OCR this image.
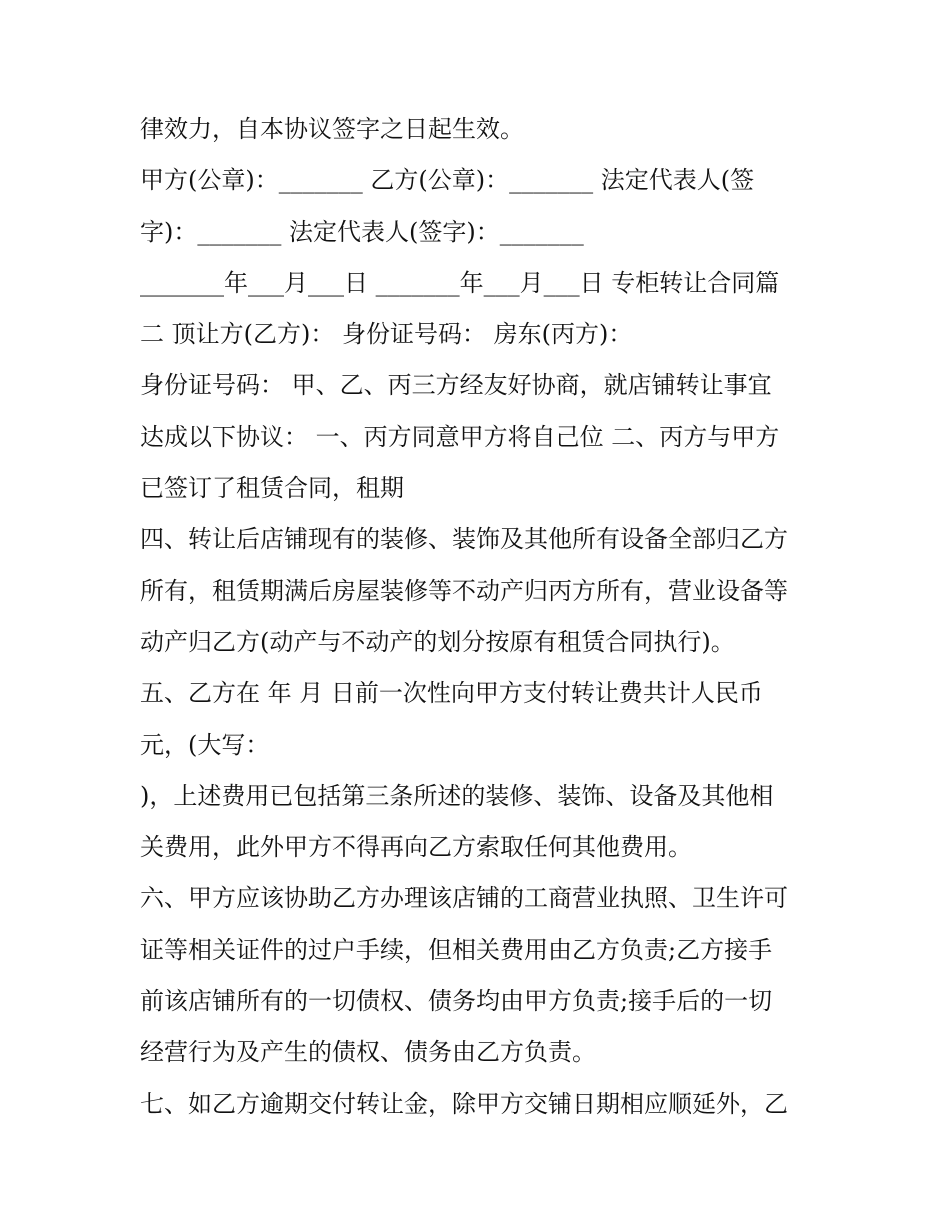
律效力，自本协议签字之日起生效。
甲方(公章)：_______ 乙方(公章)：_______ 法定代表人(签
字)：_______ 法定代表人(签字)：_______
_______年___月___日 _______年___月___日 专柜转让合同篇
二 顶让方(乙方)： 身份证号码： 房东(丙方)：
身份证号码： 甲、乙、丙三方经友好协商，就店铺转让事宜
达成以下协议： 一、丙方同意甲方将自己位 二、丙方与甲方
已签订了租赁合同，租期
四、转让后店铺现有的装修、装饰及其他所有设备全部归乙方
所有，租赁期满后房屋装修等不动产归丙方所有，营业设备等
动产归乙方(动产与不动产的划分按原有租赁合同执行)。
五、乙方在 年 月 日前一次性向甲方支付转让费共计人民币
元，(大写：
)，上述费用已包括第三条所述的装修、装饰、设备及其他相
关费用，此外甲方不得再向乙方索取任何其他费用。
六、甲方应该协助乙方办理该店铺的工商营业执照、卫生许可
证等相关证件的过户手续，但相关费用由乙方负责;乙方接手
前该店铺所有的一切债权、债务均由甲方负责;接手后的一切
经营行为及产生的债权、债务由乙方负责。
七、如乙方逾期交付转让金，除甲方交铺日期相应顺延外，乙
